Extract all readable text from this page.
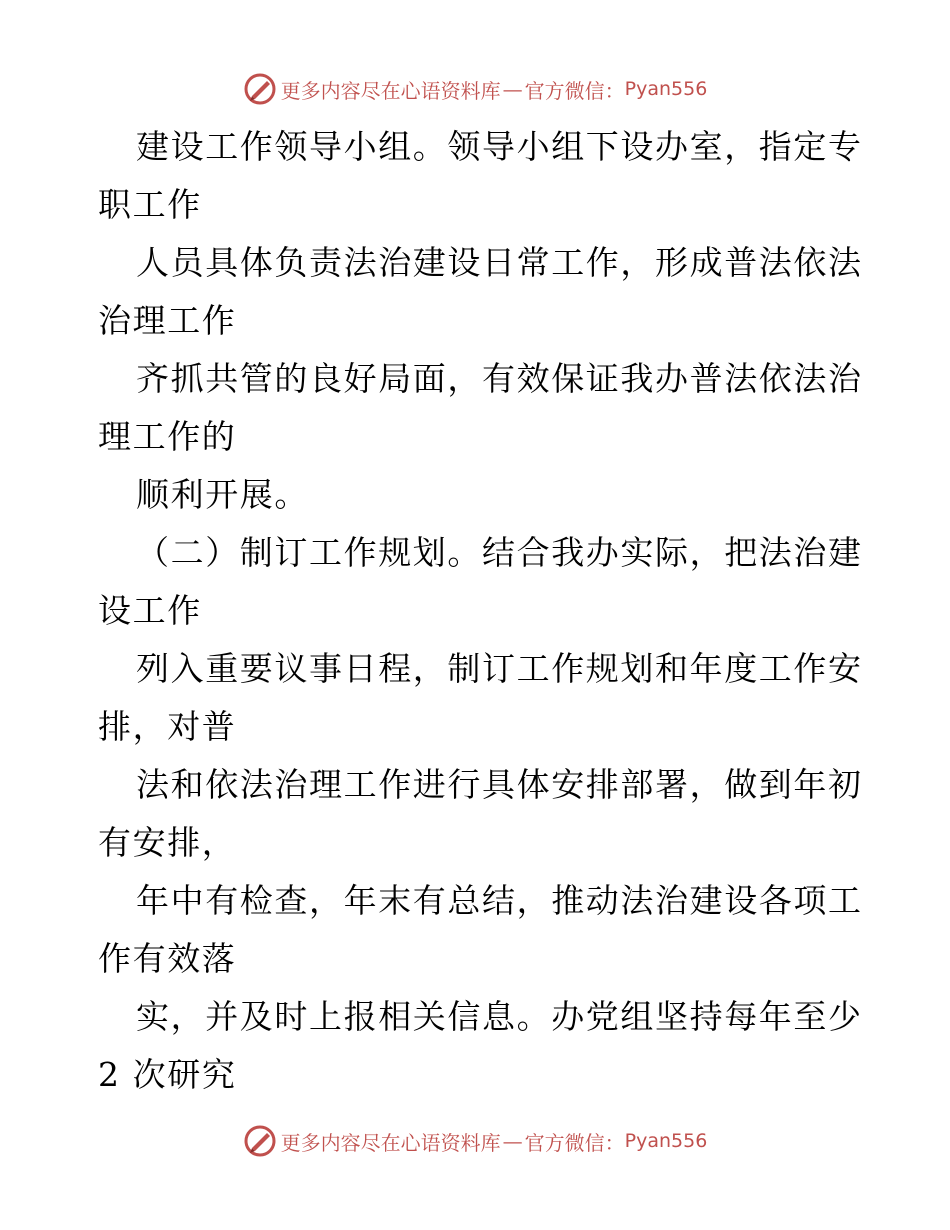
更多内容尽在心语资料库 — 官方微信： Pyan556
建设工作领导小组。领导小组下设办室，指定专
职工作
人员具体负责法治建设日常工作，形成普法依法
治理工作
齐抓共管的良好局面，有效保证我办普法依法治
理工作的
顺利开展。
（二）制订工作规划。结合我办实际，把法治建
设工作
列入重要议事日程，制订工作规划和年度工作安
排，对普
法和依法治理工作进行具体安排部署，做到年初
有安排，
年中有检查，年末有总结，推动法治建设各项工
作有效落
实，并及时上报相关信息。办党组坚持每年至少
2 次研究
更多内容尽在心语资料库 — 官方微信： Pyan556
